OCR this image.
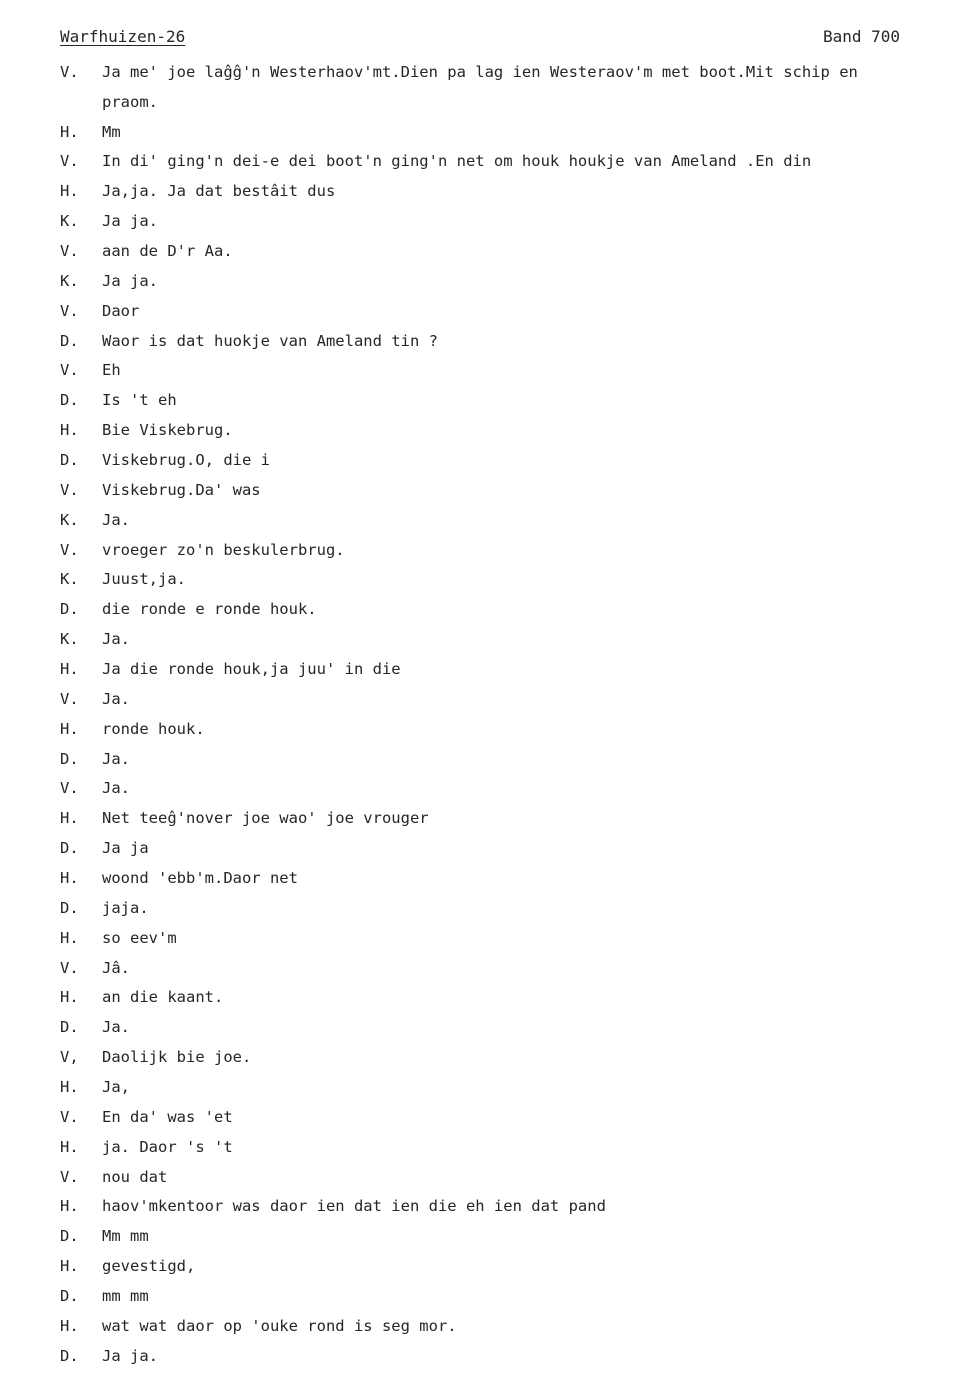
Warfhuizen-26	Band 700
V.	Ja me' joe laĝĝ'n Westerhaov'mt.Dien pa lag ien Westeraov'm met boot.Mit schip en
praom.
H.	Mm
V.	In di' ging'n dei-e dei boot'n ging'n net om houk houkje van Ameland .En din
H.	Ja,ja. Ja dat bestâit dus
K.	Ja ja.
V.	aan de D'r Aa.
K.	Ja ja.
V.	Daor
D.	Waor is dat huokje van Ameland tin ?
V.	Eh
D.	Is 't eh
H.	Bie Viskebrug.
D.	Viskebrug.O, die i
V.	Viskebrug.Da' was
K.	Ja.
V.	vroeger zo'n beskulerbrug.
K.	Juust,ja.
D.	die ronde e ronde houk.
K.	Ja.
H.	Ja die ronde houk,ja juu' in die
V.	Ja.
H.	ronde houk.
D.	Ja.
V.	Ja.
H.	Net teeĝ'nover joe wao' joe vrouger
D.	Ja ja
H.	woond 'ebb'm.Daor net
D.	jaja.
H.	so eev'm
V.	Jâ.
H.	an die kaant.
D.	Ja.
V,	Daolijk bie joe.
H.	Ja,
V.	En da' was 'et
H.	ja. Daor 's 't
V.	nou dat
H.	haov'mkentoor was daor ien dat ien die eh ien dat pand
D.	Mm mm
H.	gevestigd,
D.	mm mm
H.	wat wat daor op 'ouke rond is seg mor.
D.	Ja ja.
